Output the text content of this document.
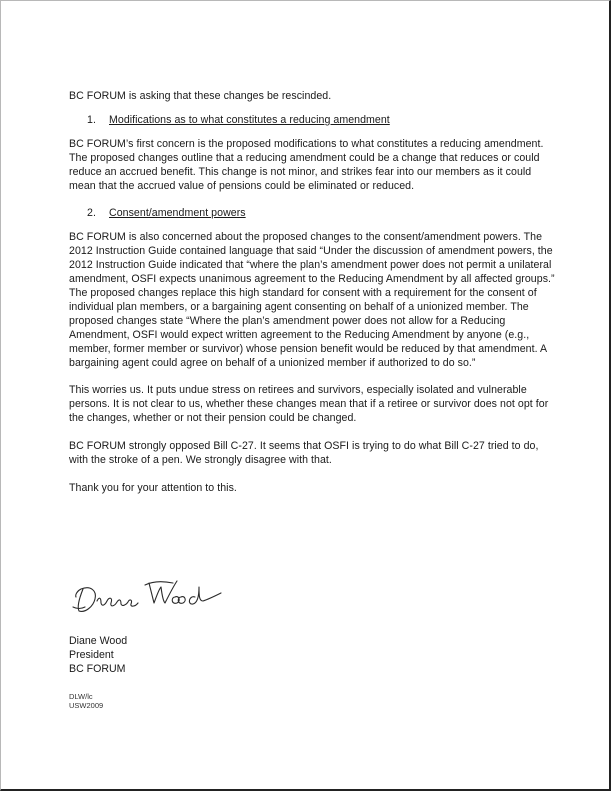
BC FORUM is asking that these changes be rescinded.

1. Modifications as to what constitutes a reducing amendment

BC FORUM’s first concern is the proposed modifications to what constitutes a reducing amendment. The proposed changes outline that a reducing amendment could be a change that reduces or could reduce an accrued benefit. This change is not minor, and strikes fear into our members as it could mean that the accrued value of pensions could be eliminated or reduced.

2. Consent/amendment powers

BC FORUM is also concerned about the proposed changes to the consent/amendment powers. The 2012 Instruction Guide contained language that said “Under the discussion of amendment powers, the 2012 Instruction Guide indicated that “where the plan’s amendment power does not permit a unilateral amendment, OSFI expects unanimous agreement to the Reducing Amendment by all affected groups.” The proposed changes replace this high standard for consent with a requirement for the consent of individual plan members, or a bargaining agent consenting on behalf of a unionized member. The proposed changes state “Where the plan’s amendment power does not allow for a Reducing Amendment, OSFI would expect written agreement to the Reducing Amendment by anyone (e.g., member, former member or survivor) whose pension benefit would be reduced by that amendment. A bargaining agent could agree on behalf of a unionized member if authorized to do so.”

This worries us. It puts undue stress on retirees and survivors, especially isolated and vulnerable persons. It is not clear to us, whether these changes mean that if a retiree or survivor does not opt for the changes, whether or not their pension could be changed.

BC FORUM strongly opposed Bill C-27. It seems that OSFI is trying to do what Bill C-27 tried to do, with the stroke of a pen. We strongly disagree with that.

Thank you for your attention to this.

Diane Wood
President
BC FORUM
DLW/lc
USW2009
